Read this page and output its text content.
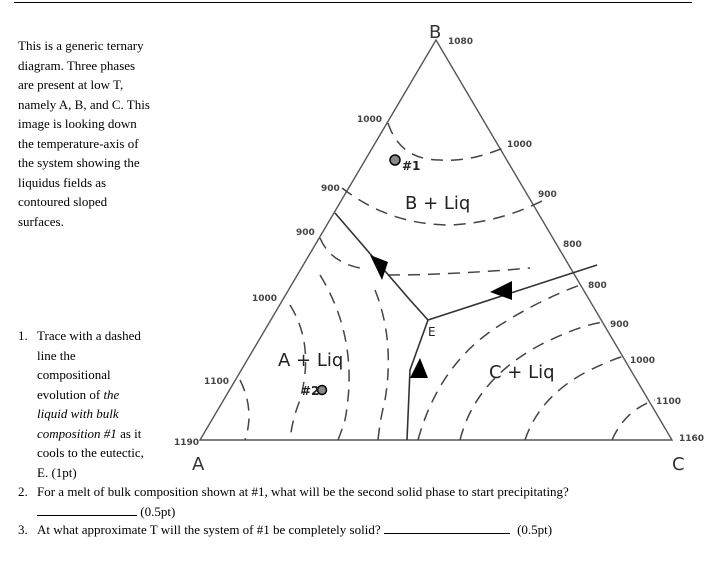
This is a generic ternary diagram. Three phases are present at low T, namely A, B, and C. This image is looking down the temperature-axis of the system showing the liquidus fields as contoured sloped surfaces.

1. Trace with a dashed line the compositional evolution of the liquid with bulk composition #1 as it cools to the eutectic, E. (1pt)
2. For a melt of bulk composition shown at #1, what will be the second solid phase to start precipitating?
(0.5pt)
3. At what approximate T will the system of #1 be completely solid?	(0.5pt)
B + Liq
A + Liq
C + Liq
E
#1
#2
B
A	C
1080
1190	1160
1100
1000
900
1000
900
1000
900
800
800
900
1000
1100
